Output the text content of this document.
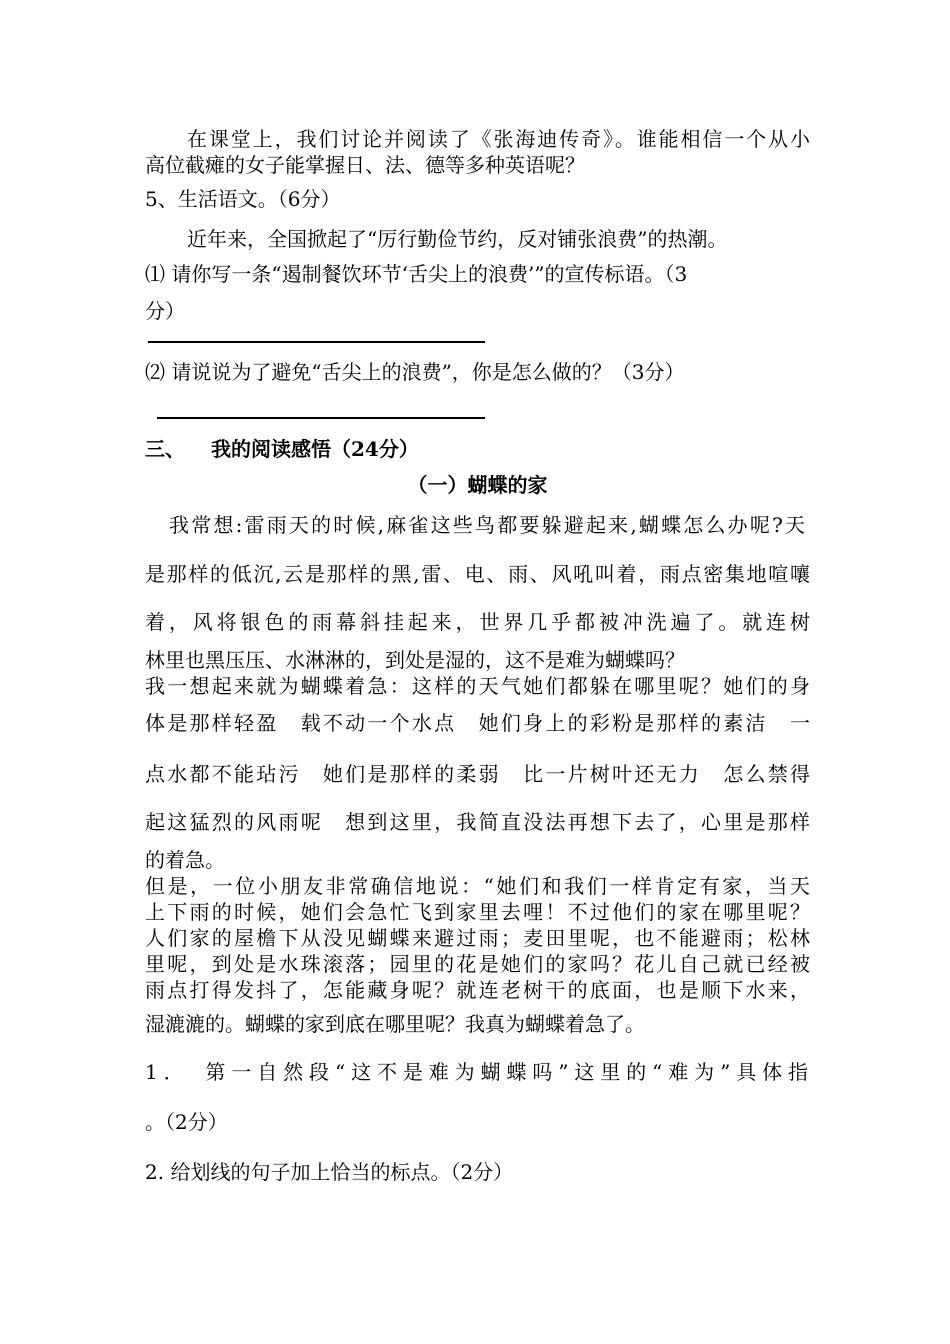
在课堂上，我们讨论并阅读了《张海迪传奇》。谁能相信一个从小
高位截瘫的女子能掌握日、法、德等多种英语呢？
5、生活语文。（6分）
近年来，全国掀起了“厉行勤俭节约，反对铺张浪费”的热潮。
⑴ 请你写一条“遏制餐饮环节‘舌尖上的浪费’”的宣传标语。（3
分）
⑵ 请说说为了避免“舌尖上的浪费”，你是怎么做的？（3分）
三、 我的阅读感悟（24分）
（一）蝴蝶的家
我常想:雷雨天的时候,麻雀这些鸟都要躲避起来,蝴蝶怎么办呢?天
是那样的低沉,云是那样的黑,雷、电、雨、风吼叫着，雨点密集地喧嚷
着，风将银色的雨幕斜挂起来，世界几乎都被冲洗遍了。就连树
林里也黑压压、水淋淋的，到处是湿的，这不是难为蝴蝶吗？
我一想起来就为蝴蝶着急：这样的天气她们都躲在哪里呢？她们的身
体是那样轻盈　载不动一个水点　她们身上的彩粉是那样的素洁　一
点水都不能玷污　她们是那样的柔弱　比一片树叶还无力　怎么禁得
起这猛烈的风雨呢　想到这里，我简直没法再想下去了，心里是那样
的着急。
但是，一位小朋友非常确信地说：“她们和我们一样肯定有家，当天
上下雨的时候，她们会急忙飞到家里去哩！不过他们的家在哪里呢？
人们家的屋檐下从没见蝴蝶来避过雨；麦田里呢，也不能避雨；松林
里呢，到处是水珠滚落；园里的花是她们的家吗？花儿自己就已经被
雨点打得发抖了，怎能藏身呢？就连老树干的底面，也是顺下水来，
湿漉漉的。蝴蝶的家到底在哪里呢？我真为蝴蝶着急了。
1．　第一自然段“这不是难为蝴蝶吗”这里的“难为”具体指
。（2分）
2. 给划线的句子加上恰当的标点。（2分）
